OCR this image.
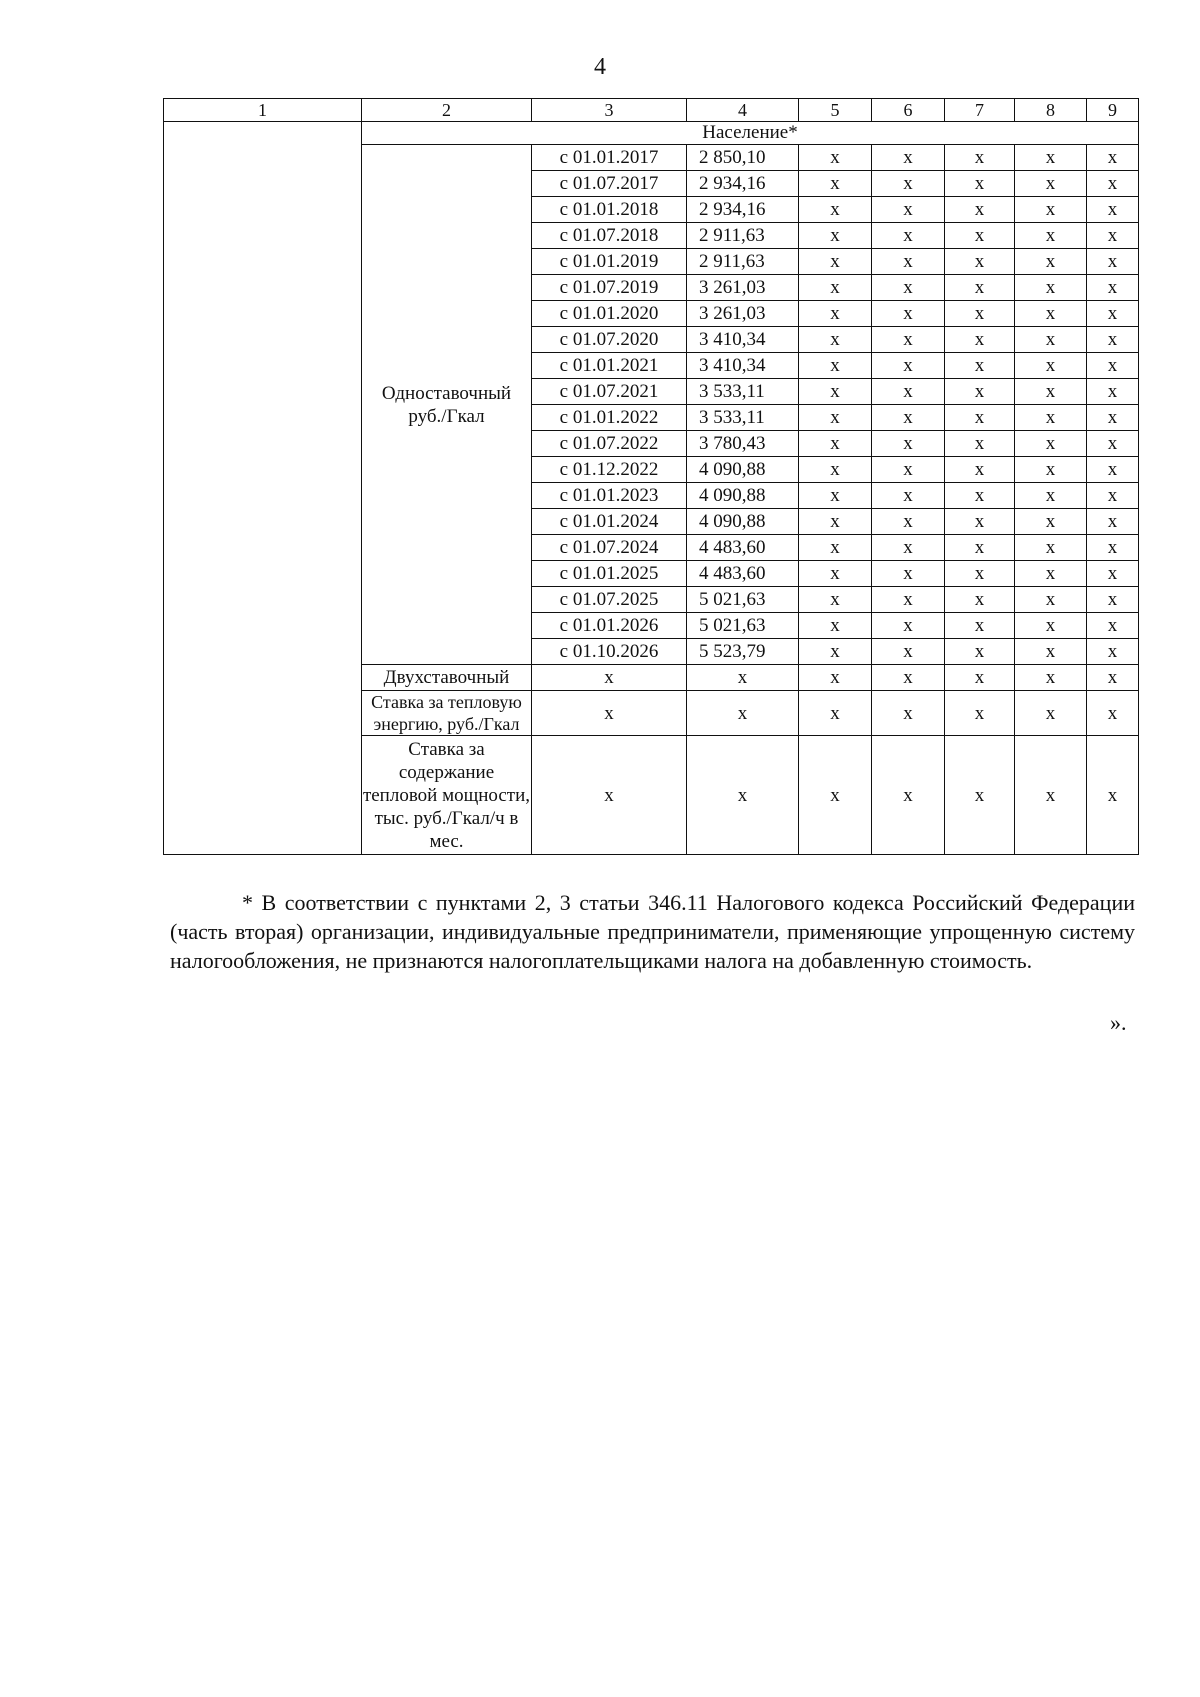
4
1	2	3	4	5	6	7	8	9
	Население*							
	Одноставочный руб./Гкал	с 01.01.2017	2 850,10	x	x	x	x	x
		с 01.07.2017	2 934,16	x	x	x	x	x
		с 01.01.2018	2 934,16	x	x	x	x	x
		с 01.07.2018	2 911,63	x	x	x	x	x
		с 01.01.2019	2 911,63	x	x	x	x	x
		с 01.07.2019	3 261,03	x	x	x	x	x
		с 01.01.2020	3 261,03	x	x	x	x	x
		с 01.07.2020	3 410,34	x	x	x	x	x
		с 01.01.2021	3 410,34	x	x	x	x	x
		с 01.07.2021	3 533,11	x	x	x	x	x
		с 01.01.2022	3 533,11	x	x	x	x	x
		с 01.07.2022	3 780,43	x	x	x	x	x
		с 01.12.2022	4 090,88	x	x	x	x	x
		с 01.01.2023	4 090,88	x	x	x	x	x
		с 01.01.2024	4 090,88	x	x	x	x	x
		с 01.07.2024	4 483,60	x	x	x	x	x
		с 01.01.2025	4 483,60	x	x	x	x	x
		с 01.07.2025	5 021,63	x	x	x	x	x
		с 01.01.2026	5 021,63	x	x	x	x	x
		с 01.10.2026	5 523,79	x	x	x	x	x
	Двухставочный	x	x	x	x	x	x	x
	Ставка за тепловую энергию, руб./Гкал	x	x	x	x	x	x	x
	Ставка за содержание тепловой мощности, тыс. руб./Гкал/ч в мес.	x	x	x	x	x	x	x
* В соответствии с пунктами 2, 3 статьи 346.11 Налогового кодекса Российский Федерации (часть вторая) организации, индивидуальные предприниматели, применяющие упрощенную систему налогообложения, не признаются налогоплательщиками налога на добавленную стоимость.
».
